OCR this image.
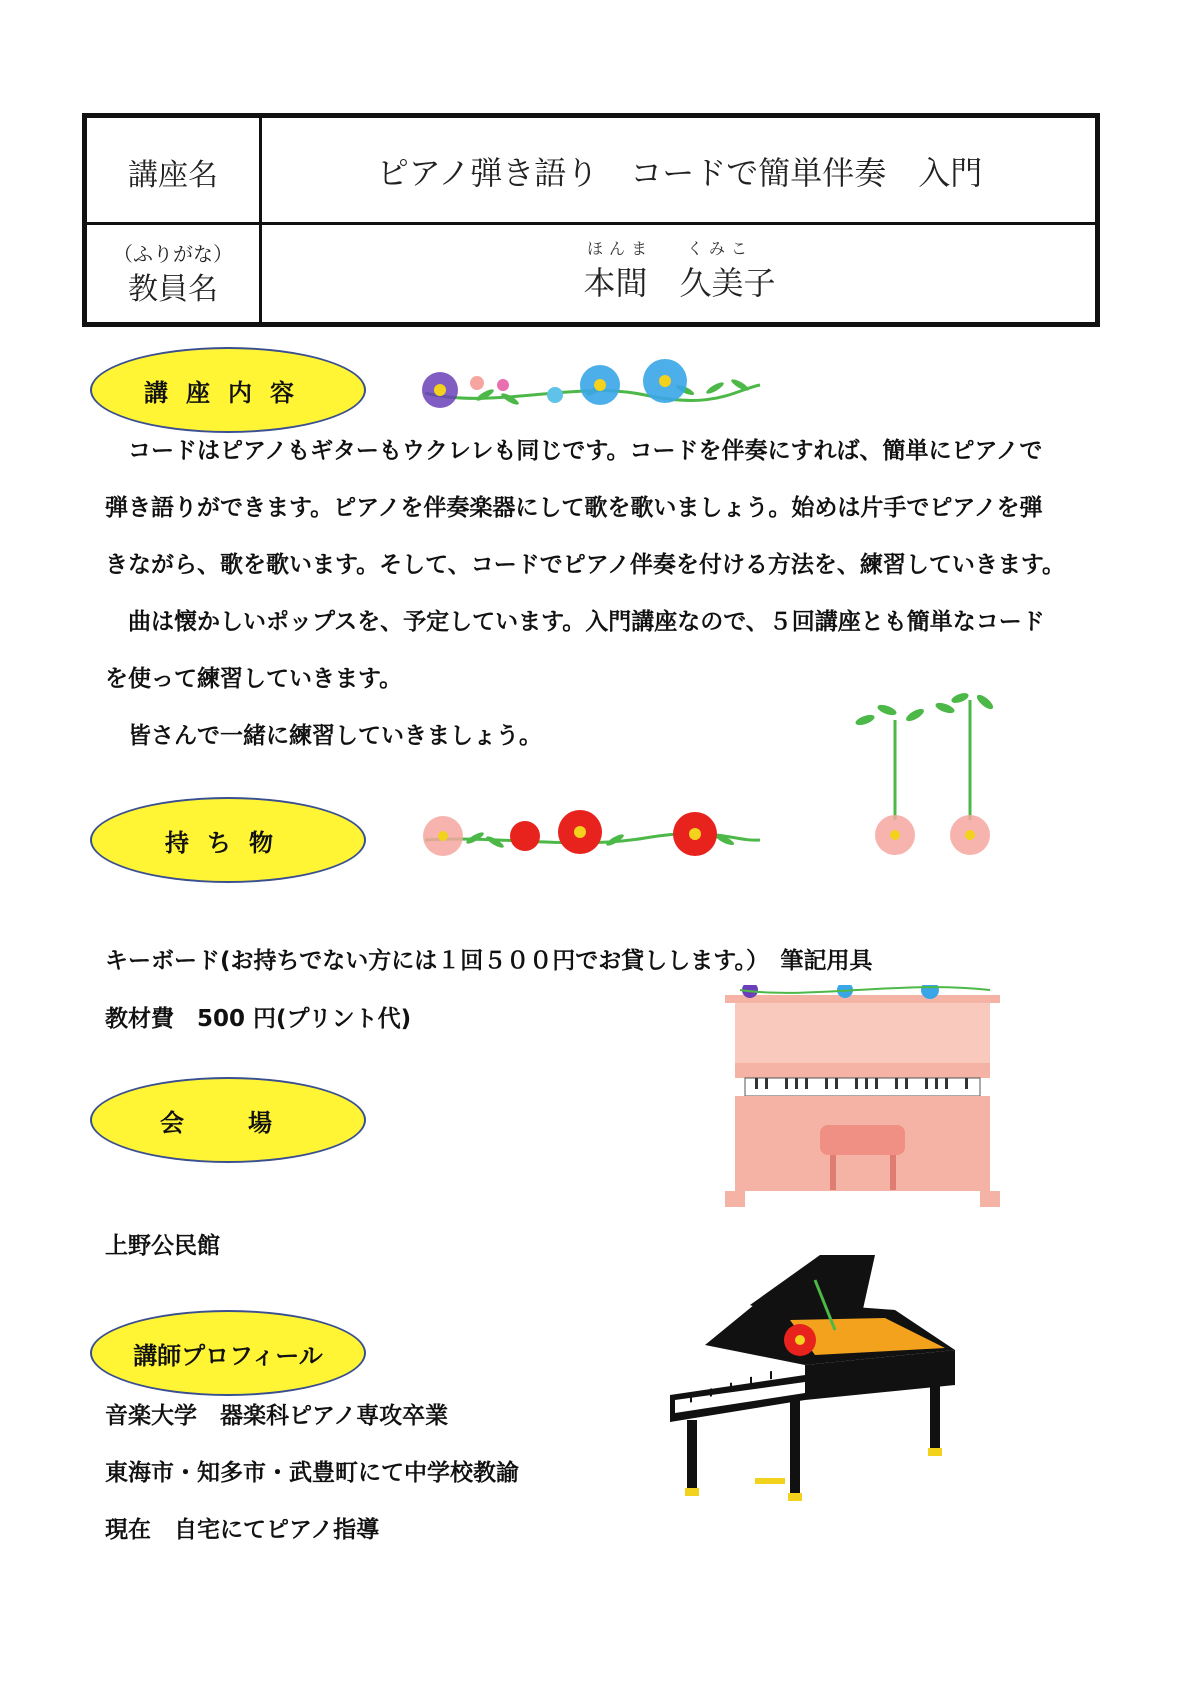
講座名	ピアノ弾き語り　コードで簡単伴奏　入門
（ふりがな）
教員名
ほんま くみこ
本間　久美子
講座内容
　コードはピアノもギターもウクレレも同じです。コードを伴奏にすれば、簡単にピアノで
弾き語りができます。ピアノを伴奏楽器にして歌を歌いましょう。始めは片手でピアノを弾
きながら、歌を歌います。そして、コードでピアノ伴奏を付ける方法を、練習していきます。
　曲は懐かしいポップスを、予定しています。入門講座なので、５回講座とも簡単なコード
を使って練習していきます。
　皆さんで一緒に練習していきましょう。
持ち物
キーボード(お持ちでない方には１回５００円でお貸しします。）　筆記用具
教材費　500 円(プリント代)
会場
上野公民館
講師プロフィール
音楽大学　器楽科ピアノ専攻卒業
東海市・知多市・武豊町にて中学校教諭
現在　自宅にてピアノ指導
